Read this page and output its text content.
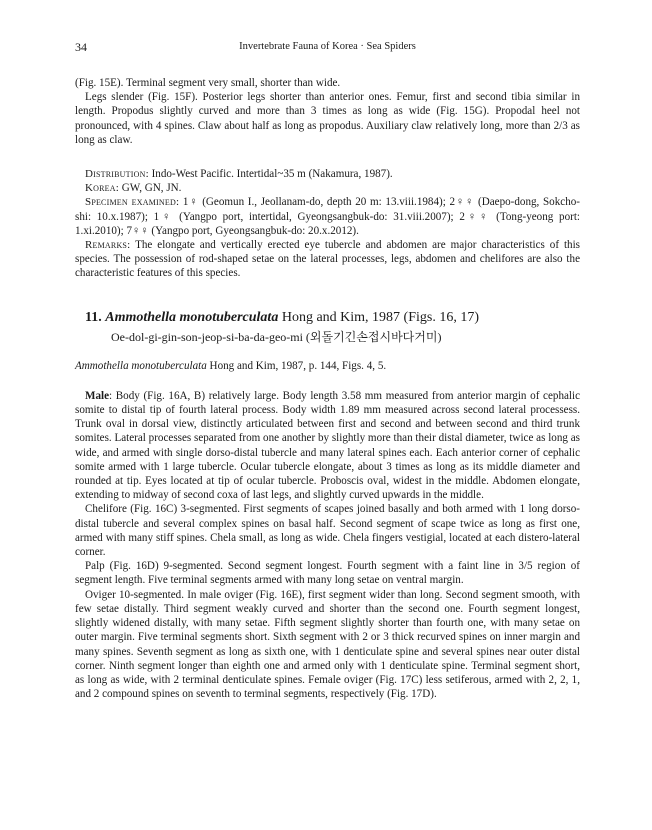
34	Invertebrate Fauna of Korea · Sea Spiders

(Fig. 15E). Terminal segment very small, shorter than wide.

Legs slender (Fig. 15F). Posterior legs shorter than anterior ones. Femur, first and second tibia similar in length. Propodus slightly curved and more than 3 times as long as wide (Fig. 15G). Propodal heel not pronounced, with 4 spines. Claw about half as long as propodus. Auxiliary claw relatively long, more than 2/3 as long as claw.

Distribution: Indo-West Pacific. Intertidal~35 m (Nakamura, 1987).

Korea: GW, GN, JN.

Specimen examined: 1♀ (Geomun I., Jeollanam-do, depth 20 m: 13.viii.1984); 2♀♀ (Daepo-dong, Sokcho-shi: 10.x.1987); 1♀ (Yangpo port, intertidal, Gyeongsangbuk-do: 31.viii.2007); 2♀♀ (Tong-yeong port: 1.xi.2010); 7♀♀ (Yangpo port, Gyeongsangbuk-do: 20.x.2012).

Remarks: The elongate and vertically erected eye tubercle and abdomen are major characteristics of this species. The possession of rod-shaped setae on the lateral processes, legs, abdomen and chelifores are also the characteristic features of this species.

11. Ammothella monotuberculata Hong and Kim, 1987 (Figs. 16, 17)
Oe-dol-gi-gin-son-jeop-si-ba-da-geo-mi (외돌기긴손접시바다거미)

Ammothella monotuberculata Hong and Kim, 1987, p. 144, Figs. 4, 5.

Male: Body (Fig. 16A, B) relatively large. Body length 3.58 mm measured from anterior margin of cephalic somite to distal tip of fourth lateral process. Body width 1.89 mm measured across second lateral processess. Trunk oval in dorsal view, distinctly articulated between first and second and between second and third trunk somites. Lateral processes separated from one another by slightly more than their distal diameter, twice as long as wide, and armed with single dorso-distal tubercle and many lateral spines each. Each anterior corner of cephalic somite armed with 1 large tubercle. Ocular tubercle elongate, about 3 times as long as its middle diameter and rounded at tip. Eyes located at tip of ocular tubercle. Proboscis oval, widest in the middle. Abdomen elongate, extending to midway of second coxa of last legs, and slightly curved upwards in the middle.

Chelifore (Fig. 16C) 3-segmented. First segments of scapes joined basally and both armed with 1 long dorso-distal tubercle and several complex spines on basal half. Second segment of scape twice as long as first one, armed with many stiff spines. Chela small, as long as wide. Chela fingers vestigial, located at each distero-lateral corner.

Palp (Fig. 16D) 9-segmented. Second segment longest. Fourth segment with a faint line in 3/5 region of segment length. Five terminal segments armed with many long setae on ventral margin.

Oviger 10-segmented. In male oviger (Fig. 16E), first segment wider than long. Second segment smooth, with few setae distally. Third segment weakly curved and shorter than the second one. Fourth segment longest, slightly widened distally, with many setae. Fifth segment slightly shorter than fourth one, with many setae on outer margin. Five terminal segments short. Sixth segment with 2 or 3 thick recurved spines on inner margin and many spines. Seventh segment as long as sixth one, with 1 denticulate spine and several spines near outer distal corner. Ninth segment longer than eighth one and armed only with 1 denticulate spine. Terminal segment short, as long as wide, with 2 terminal denticulate spines. Female oviger (Fig. 17C) less setiferous, armed with 2, 2, 1, and 2 compound spines on seventh to terminal segments, respectively (Fig. 17D).
